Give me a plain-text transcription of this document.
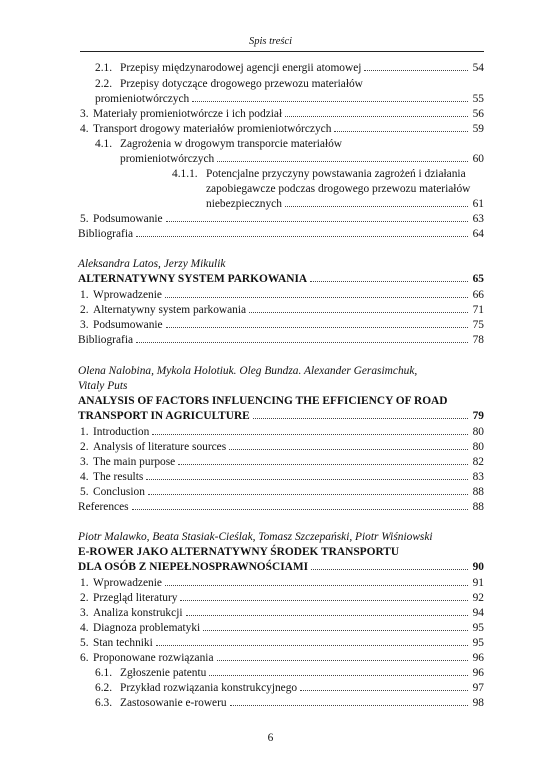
Spis treści
2.1. Przepisy międzynarodowej agencji energii atomowej	54
2.2. Przepisy dotyczące drogowego przewozu materiałów
promieniotwórczych	55
3. Materiały promieniotwórcze i ich podział	56
4. Transport drogowy materiałów promieniotwórczych	59
4.1. Zagrożenia w drogowym transporcie materiałów
promieniotwórczych	60
4.1.1. Potencjalne przyczyny powstawania zagrożeń i działania
zapobiegawcze podczas drogowego przewozu materiałów
niebezpiecznych	61
5. Podsumowanie	63
Bibliografia	64
Aleksandra Latos, Jerzy Mikulik
ALTERNATYWNY SYSTEM PARKOWANIA	65
1. Wprowadzenie	66
2. Alternatywny system parkowania	71
3. Podsumowanie	75
Bibliografia	78
Olena Nalobina, Mykola Holotiuk. Oleg Bundza. Alexander Gerasimchuk,
Vitaly Puts
ANALYSIS OF FACTORS INFLUENCING THE EFFICIENCY OF ROAD
TRANSPORT IN AGRICULTURE	79
1. Introduction	80
2. Analysis of literature sources	80
3. The main purpose	82
4. The results	83
5. Conclusion	88
References	88
Piotr Malawko, Beata Stasiak-Cieślak, Tomasz Szczepański, Piotr Wiśniowski
E-ROWER JAKO ALTERNATYWNY ŚRODEK TRANSPORTU
DLA OSÓB Z NIEPEŁNOSPRAWNOŚCIAMI	90
1. Wprowadzenie	91
2. Przegląd literatury	92
3. Analiza konstrukcji	94
4. Diagnoza problematyki	95
5. Stan techniki	95
6. Proponowane rozwiązania	96
6.1. Zgłoszenie patentu	96
6.2. Przykład rozwiązania konstrukcyjnego	97
6.3. Zastosowanie e-roweru	98
6
